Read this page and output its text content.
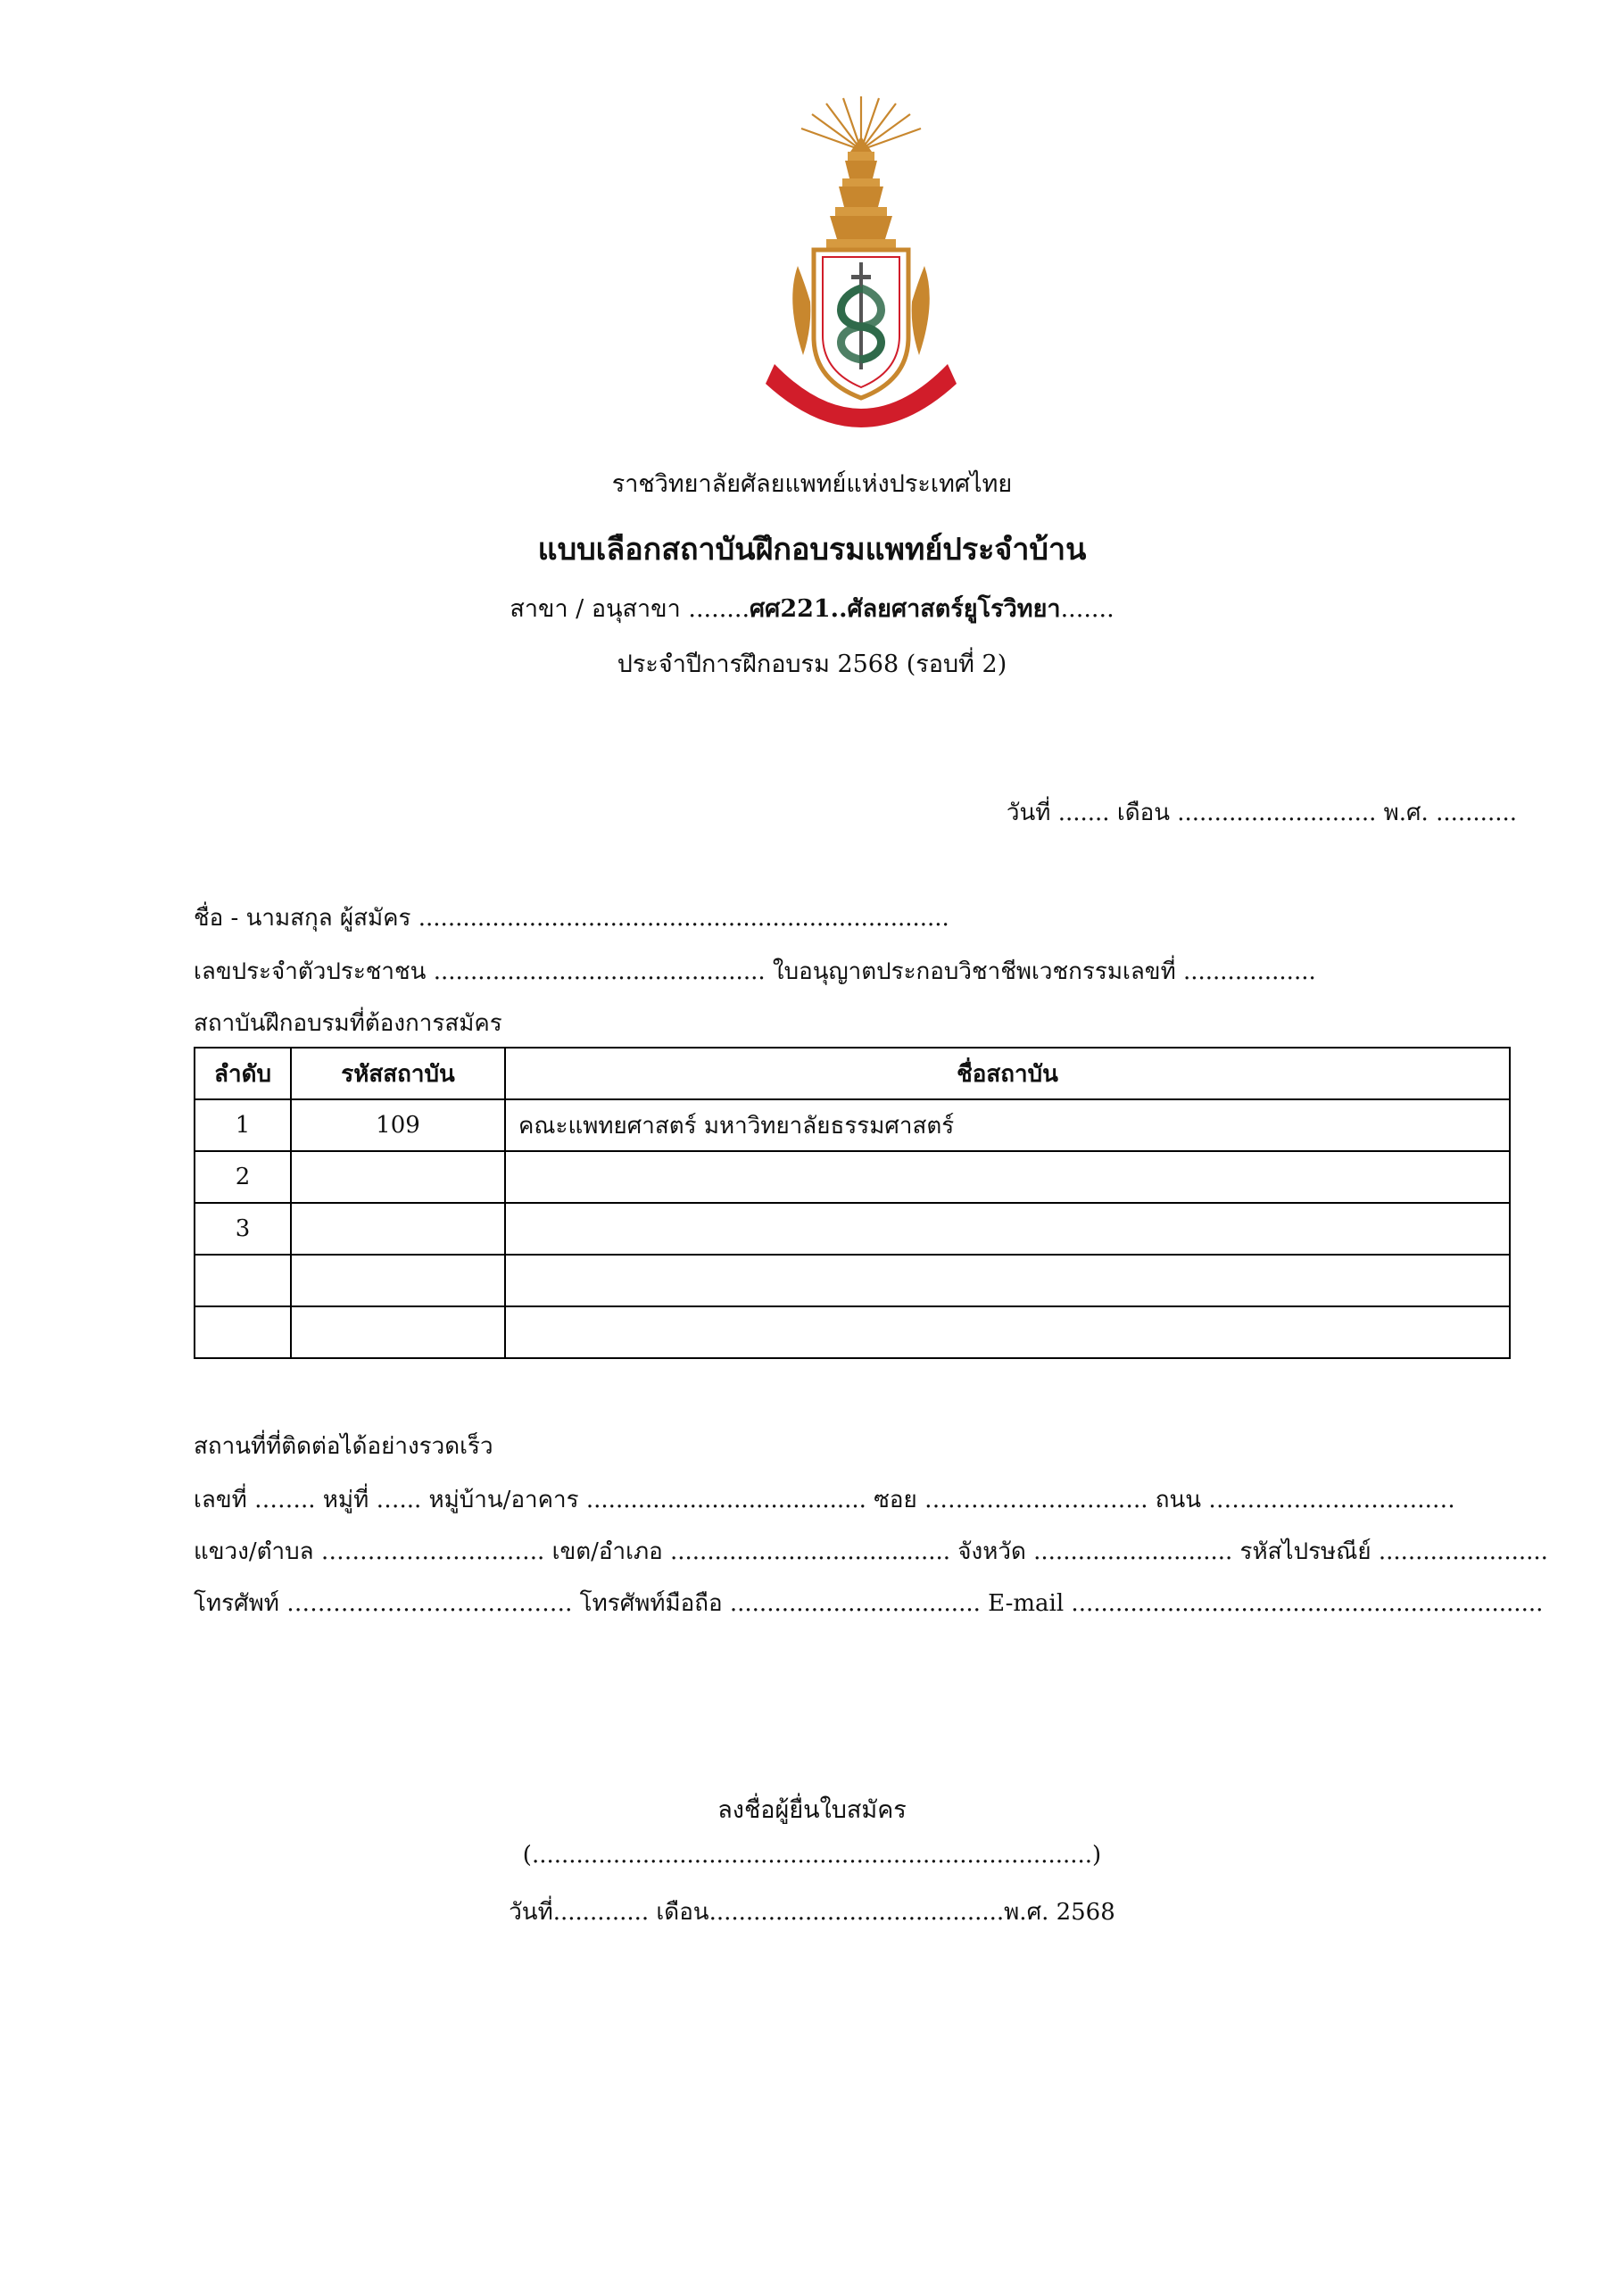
ราชวิทยาลัยศัลยแพทย์แห่งประเทศไทย
แบบเลือกสถาบันฝึกอบรมแพทย์ประจำบ้าน
สาขา / อนุสาขา ........ศศ221..ศัลยศาสตร์ยูโรวิทยา.......
ประจำปีการฝึกอบรม 2568 (รอบที่ 2)
วันที่ ....... เดือน ........................... พ.ศ. ...........
ชื่อ - นามสกุล ผู้สมัคร ........................................................................
เลขประจำตัวประชาชน ............................................. ใบอนุญาตประกอบวิชาชีพเวชกรรมเลขที่ ..................
สถาบันฝึกอบรมที่ต้องการสมัคร
ลำดับ	รหัสสถาบัน	ชื่อสถาบัน
1	109	คณะแพทยศาสตร์ มหาวิทยาลัยธรรมศาสตร์
2		
3		

สถานที่ที่ติดต่อได้อย่างรวดเร็ว
เลขที่ …….. หมู่ที่ …... หมู่บ้าน/อาคาร ...................................... ซอย ……………………….. ถนน ………………………..…
แขวง/ตำบล ……………………….. เขต/อำเภอ ...................................... จังหวัด ........................... รหัสไปรษณีย์ .......................
โทรศัพท์ ………………………………. โทรศัพท์มือถือ .................................. E-mail ................................................................
ลงชื่อผู้ยื่นใบสมัคร
(............................................................................)
วันที่............. เดือน........................................พ.ศ. 2568
